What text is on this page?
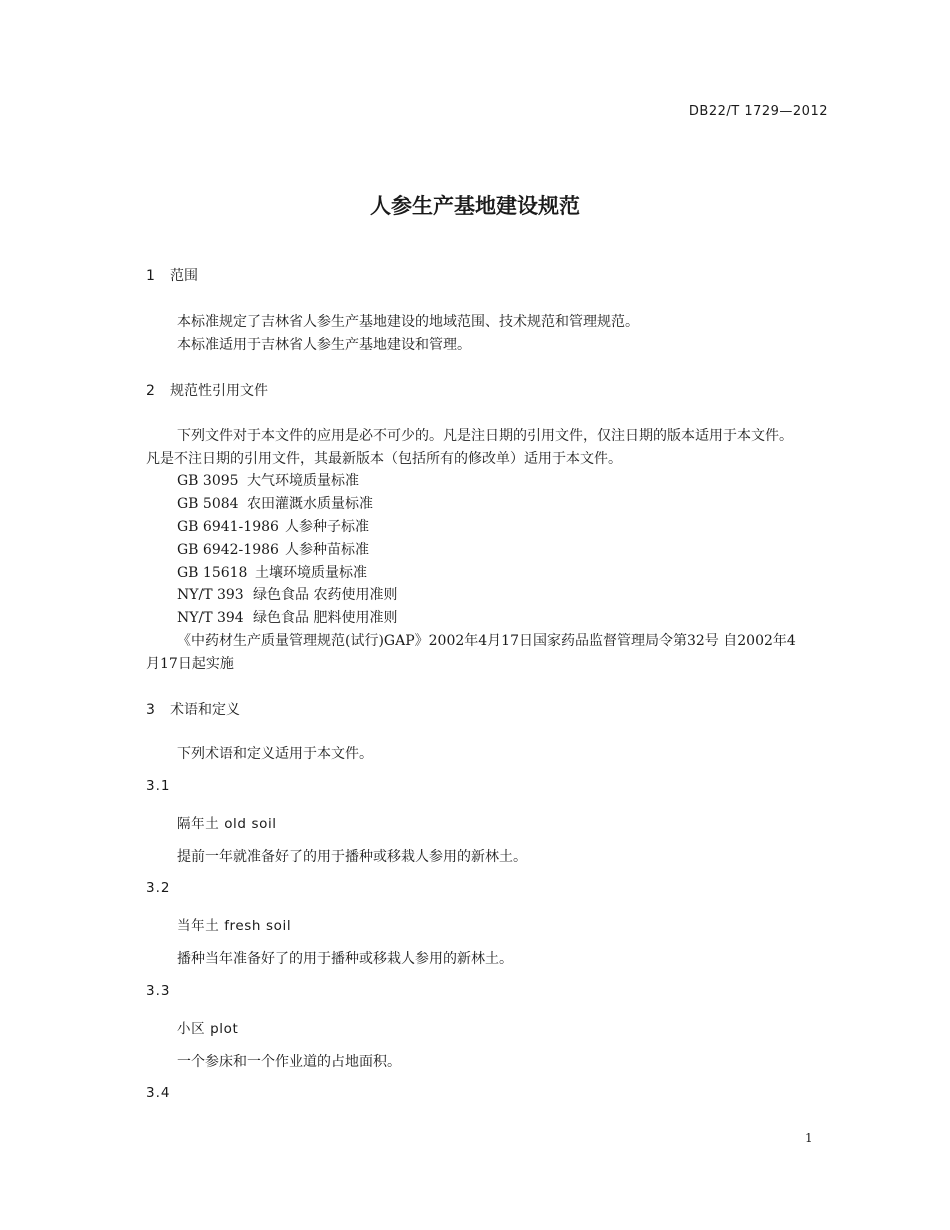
DB22/T 1729—2012
人参生产基地建设规范
1 范围
本标准规定了吉林省人参生产基地建设的地域范围、技术规范和管理规范。
本标准适用于吉林省人参生产基地建设和管理。
2 规范性引用文件
下列文件对于本文件的应用是必不可少的。凡是注日期的引用文件，仅注日期的版本适用于本文件。
凡是不注日期的引用文件，其最新版本（包括所有的修改单）适用于本文件。
GB 3095 大气环境质量标准
GB 5084 农田灌溉水质量标准
GB 6941-1986 人参种子标准
GB 6942-1986 人参种苗标准
GB 15618 土壤环境质量标准
NY/T 393 绿色食品 农药使用准则
NY/T 394 绿色食品 肥料使用准则
《中药材生产质量管理规范(试行)GAP》2002年4月17日国家药品监督管理局令第32号 自2002年4
月17日起实施
3 术语和定义
下列术语和定义适用于本文件。
3.1
隔年土 old soil
提前一年就准备好了的用于播种或移栽人参用的新林土。
3.2
当年土 fresh soil
播种当年准备好了的用于播种或移栽人参用的新林土。
3.3
小区 plot
一个参床和一个作业道的占地面积。
3.4
1
